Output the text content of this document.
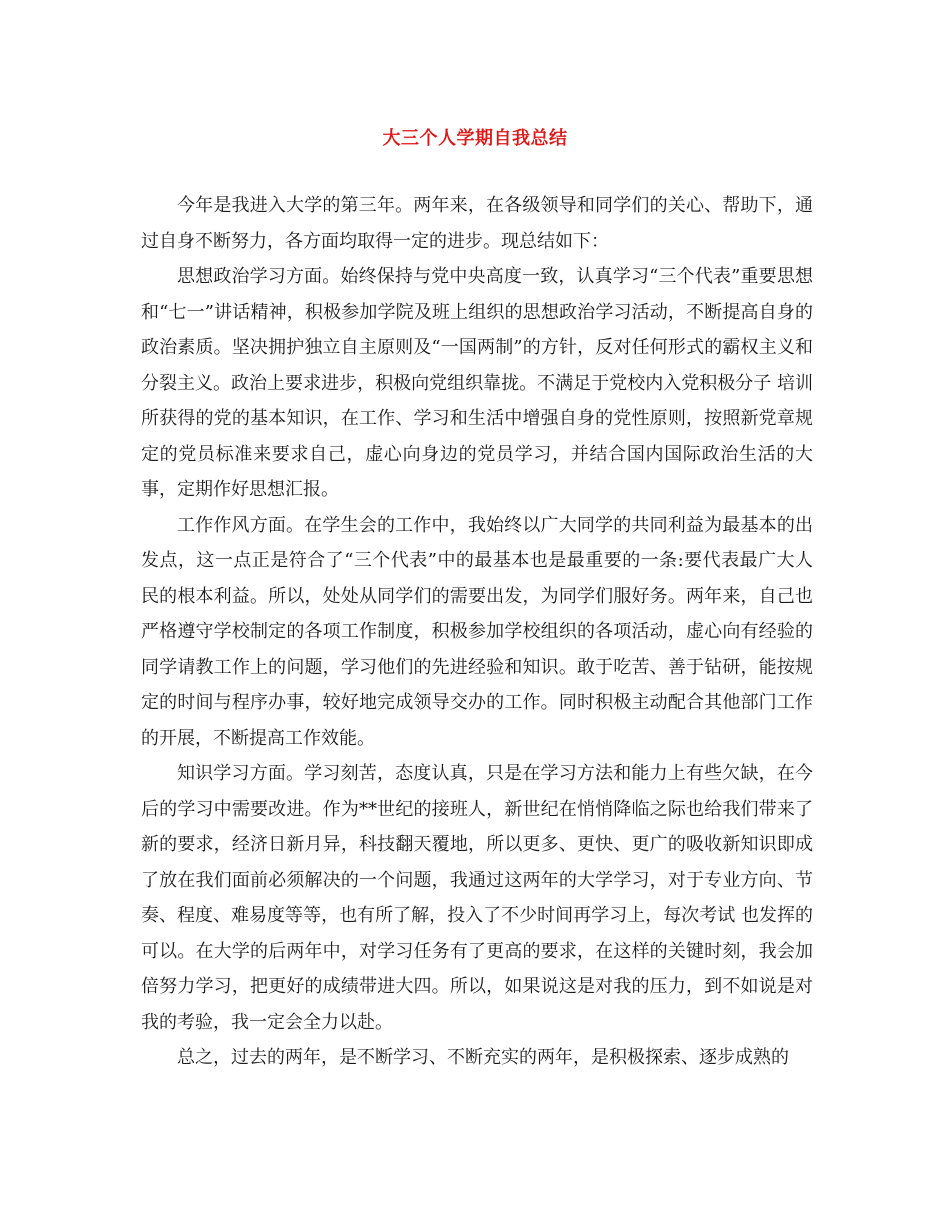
大三个人学期自我总结

今年是我进入大学的第三年。两年来，在各级领导和同学们的关心、帮助下，通过自身不断努力，各方面均取得一定的进步。现总结如下：

思想政治学习方面。始终保持与党中央高度一致，认真学习“三个代表”重要思想和“七一”讲话精神，积极参加学院及班上组织的思想政治学习活动，不断提高自身的政治素质。坚决拥护独立自主原则及“一国两制”的方针，反对任何形式的霸权主义和分裂主义。政治上要求进步，积极向党组织靠拢。不满足于党校内入党积极分子 培训 所获得的党的基本知识，在工作、学习和生活中增强自身的党性原则，按照新党章规定的党员标准来要求自己，虚心向身边的党员学习，并结合国内国际政治生活的大事，定期作好思想汇报。

工作作风方面。在学生会的工作中，我始终以广大同学的共同利益为最基本的出发点，这一点正是符合了“三个代表”中的最基本也是最重要的一条:要代表最广大人民的根本利益。所以，处处从同学们的需要出发，为同学们服好务。两年来，自己也严格遵守学校制定的各项工作制度，积极参加学校组织的各项活动，虚心向有经验的同学请教工作上的问题，学习他们的先进经验和知识。敢于吃苦、善于钻研，能按规定的时间与程序办事，较好地完成领导交办的工作。同时积极主动配合其他部门工作的开展，不断提高工作效能。

知识学习方面。学习刻苦，态度认真，只是在学习方法和能力上有些欠缺，在今后的学习中需要改进。作为**世纪的接班人，新世纪在悄悄降临之际也给我们带来了新的要求，经济日新月异，科技翻天覆地，所以更多、更快、更广的吸收新知识即成了放在我们面前必须解决的一个问题，我通过这两年的大学学习，对于专业方向、节奏、程度、难易度等等，也有所了解，投入了不少时间再学习上，每次考试 也发挥的可以。在大学的后两年中，对学习任务有了更高的要求，在这样的关键时刻，我会加倍努力学习，把更好的成绩带进大四。所以，如果说这是对我的压力，到不如说是对我的考验，我一定会全力以赴。

总之，过去的两年，是不断学习、不断充实的两年，是积极探索、逐步成熟的
